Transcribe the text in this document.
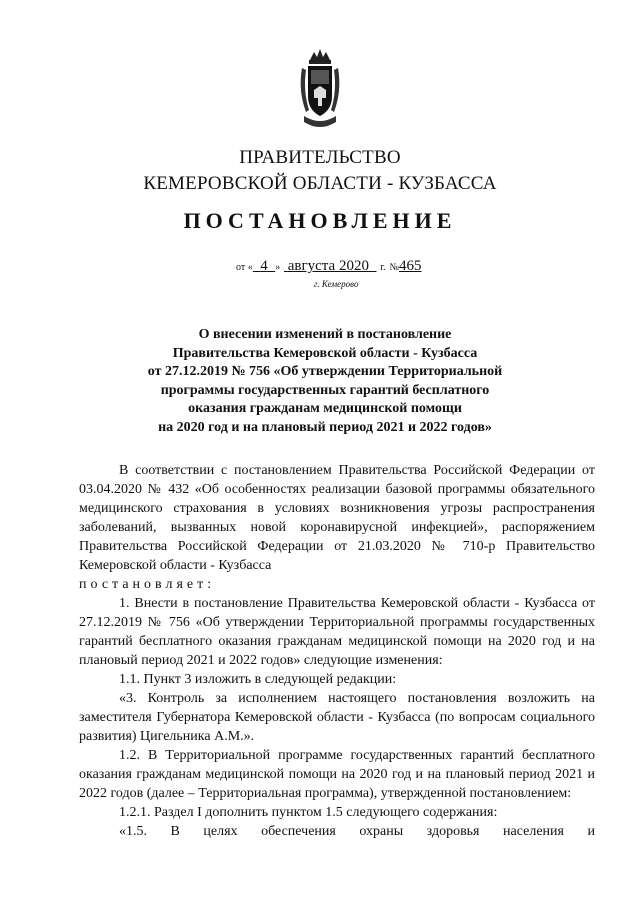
ПРАВИТЕЛЬСТВО
КЕМЕРОВСКОЙ ОБЛАСТИ - КУЗБАССА
ПОСТАНОВЛЕНИЕ
от « 4 » августа 2020 г. №465
г. Кемерово
О внесении изменений в постановление
Правительства Кемеровской области - Кузбасса
от 27.12.2019 № 756 «Об утверждении Территориальной
программы государственных гарантий бесплатного
оказания гражданам медицинской помощи
на 2020 год и на плановый период 2021 и 2022 годов»

В соответствии с постановлением Правительства Российской Федерации от 03.04.2020 № 432 «Об особенностях реализации базовой программы обязательного медицинского страхования в условиях возникновения угрозы распространения заболеваний, вызванных новой коронавирусной инфекцией», распоряжением Правительства Российской Федерации от 21.03.2020 № 710-р Правительство Кемеровской области - Кузбасса
постановляет:

1. Внести в постановление Правительства Кемеровской области - Кузбасса от 27.12.2019 № 756 «Об утверждении Территориальной программы государственных гарантий бесплатного оказания гражданам медицинской помощи на 2020 год и на плановый период 2021 и 2022 годов» следующие изменения:

1.1. Пункт 3 изложить в следующей редакции:

«3. Контроль за исполнением настоящего постановления возложить на заместителя Губернатора Кемеровской области - Кузбасса (по вопросам социального развития) Цигельника А.М.».

1.2. В Территориальной программе государственных гарантий бесплатного оказания гражданам медицинской помощи на 2020 год и на плановый период 2021 и 2022 годов (далее – Территориальная программа), утвержденной постановлением:

1.2.1. Раздел I дополнить пунктом 1.5 следующего содержания:

«1.5. В целях обеспечения охраны здоровья населения и
